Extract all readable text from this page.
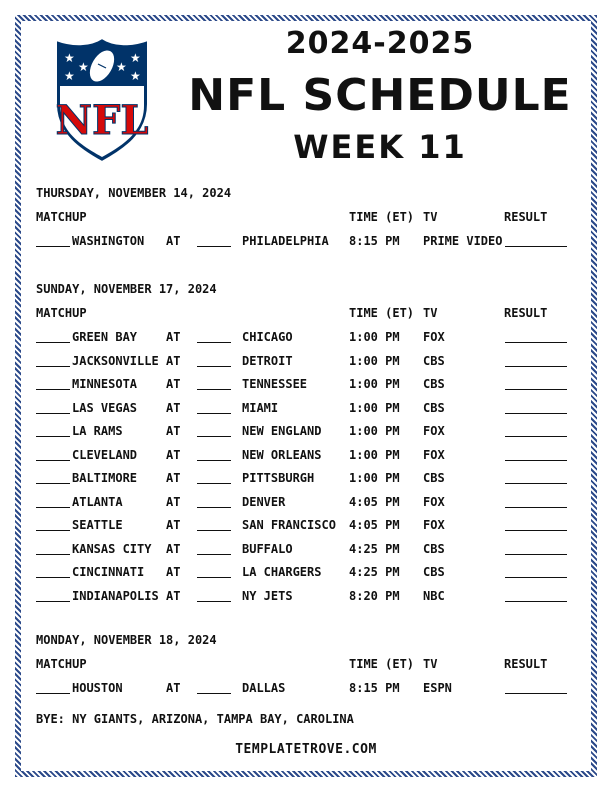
★
★
★ ★
★
★
NFL
2024-2025
NFL SCHEDULE
WEEK 11
THURSDAY, NOVEMBER 14, 2024
MATCHUP	TIME (ET) TV	RESULT
WASHINGTON AT	PHILADELPHIA 8:15 PM PRIME VIDEO
SUNDAY, NOVEMBER 17, 2024
MATCHUP	TIME (ET) TV	RESULT
GREEN BAY AT	CHICAGO	1:00 PM FOX
JACKSONVILLE AT	DETROIT	1:00 PM CBS
MINNESOTA AT	TENNESSEE	1:00 PM CBS
LAS VEGAS AT	MIAMI	1:00 PM CBS
LA RAMS	AT	NEW ENGLAND 1:00 PM FOX
CLEVELAND AT	NEW ORLEANS 1:00 PM FOX
BALTIMORE AT	PITTSBURGH	1:00 PM CBS
ATLANTA	AT	DENVER	4:05 PM FOX
SEATTLE	AT	SAN FRANCISCO 4:05 PM FOX
KANSAS CITY AT	BUFFALO	4:25 PM CBS
CINCINNATI AT	LA CHARGERS 4:25 PM CBS
INDIANAPOLIS AT	NY JETS	8:20 PM NBC
MONDAY, NOVEMBER 18, 2024
MATCHUP	TIME (ET) TV	RESULT
HOUSTON	AT	DALLAS	8:15 PM ESPN
BYE: NY GIANTS, ARIZONA, TAMPA BAY, CAROLINA
TEMPLATETROVE.COM
